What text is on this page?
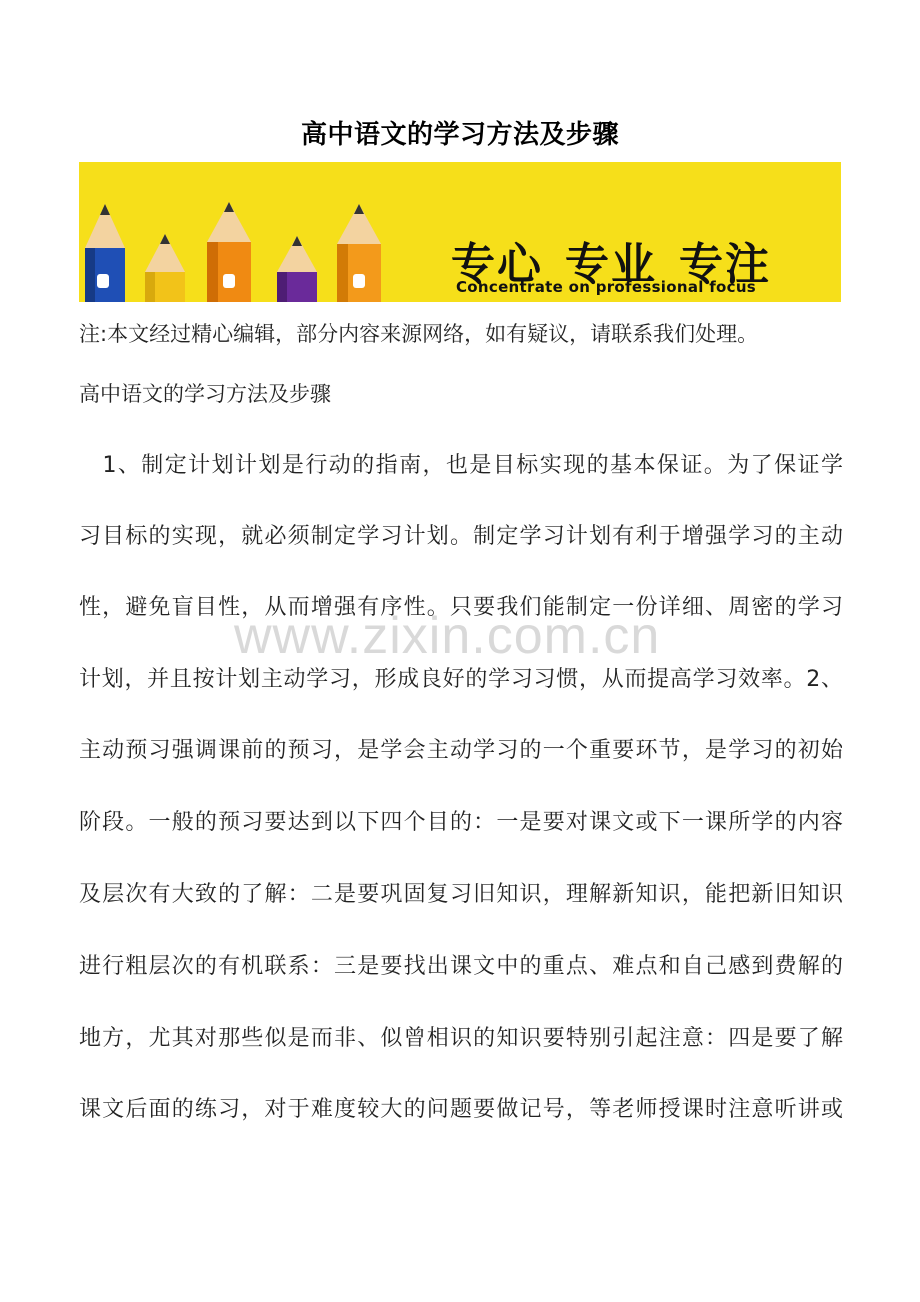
高中语文的学习方法及步骤
专心 专业 专注
Concentrate on professional focus
注:本文经过精心编辑，部分内容来源网络，如有疑议，请联系我们处理。
高中语文的学习方法及步骤
　1、制定计划计划是行动的指南，也是目标实现的基本保证。为了保证学
习目标的实现，就必须制定学习计划。制定学习计划有利于增强学习的主动
性，避免盲目性，从而增强有序性。只要我们能制定一份详细、周密的学习
计划，并且按计划主动学习，形成良好的学习习惯，从而提高学习效率。2、
主动预习强调课前的预习，是学会主动学习的一个重要环节，是学习的初始
阶段。一般的预习要达到以下四个目的：一是要对课文或下一课所学的内容
及层次有大致的了解：二是要巩固复习旧知识，理解新知识，能把新旧知识
进行粗层次的有机联系：三是要找出课文中的重点、难点和自己感到费解的
地方，尤其对那些似是而非、似曾相识的知识要特别引起注意：四是要了解
课文后面的练习，对于难度较大的问题要做记号，等老师授课时注意听讲或
www.zixin.com.cn
